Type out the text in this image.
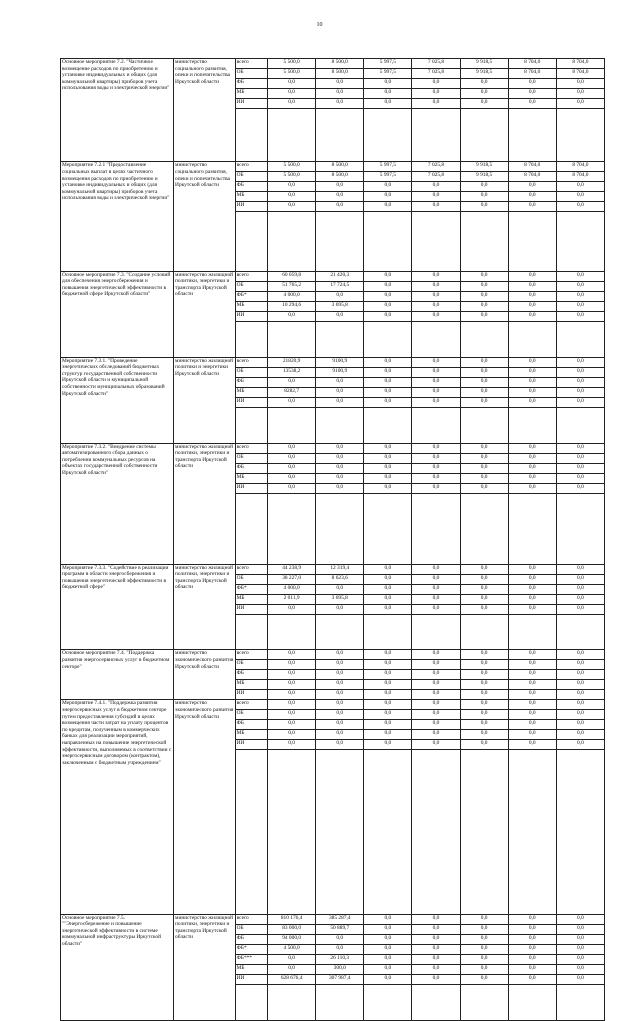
10
Основное мероприятие 7.2. "Частичное возмещение расходов по приобретению и установке индивидуальных и общих (для коммунальной квартиры) приборов учета использования воды и электрической энергии"	министерство социального развития, опеки и попечительства Иркутской области	всего	5 500,0	8 500,0	5 997,5	7 025,8	9 918,5	8 704,0	8 704,0
		ОБ	5 500,0	8 500,0	5 997,5	7 025,8	9 918,5	8 704,0	8 704,0
		ФБ	0,0	0,0	0,0	0,0	0,0	0,0	0,0
		МБ	0,0	0,0	0,0	0,0	0,0	0,0	0,0
		ИИ	0,0	0,0	0,0	0,0	0,0	0,0	0,0

Мероприятие 7.2.1 "Предоставление социальных выплат в целях частичного возмещения расходов по приобретению и установке индивидуальных и общих (для коммунальной квартиры) приборов учета использования воды и электрической энергии"	министерство социального развития, опеки и попечительства Иркутской области	всего	5 500,0	8 500,0	5 997,5	7 025,8	9 918,5	8 704,0	8 704,0
		ОБ	5 500,0	8 500,0	5 997,5	7 025,8	9 918,5	8 704,0	8 704,0
		ФБ	0,0	0,0	0,0	0,0	0,0	0,0	0,0
		МБ	0,0	0,0	0,0	0,0	0,0	0,0	0,0
		ИИ	0,0	0,0	0,0	0,0	0,0	0,0	0,0

Основное мероприятие 7.3. "Создание условий для обеспечения энергосбережения и повышения энергетической эффективности в бюджетной сфере Иркутской области"	министерство жилищной политики, энергетики и транспорта Иркутской области	всего	60 059,8	21 420,3	0,0	0,0	0,0	0,0	0,0
		ОБ	51 765,2	17 724,5	0,0	0,0	0,0	0,0	0,0
		ФБ*	4 000,0	0,0	0,0	0,0	0,0	0,0	0,0
		МБ	10 294,6	3 695,8	0,0	0,0	0,0	0,0	0,0
		ИИ	0,0	0,0	0,0	0,0	0,0	0,0	0,0

Мероприятие 7.3.1. "Проведение энергетических обследований бюджетных структур государственной собственности Иркутской области и муниципальной собственности муниципальных образований Иркутской области"	министерство жилищной политики и энергетики Иркутской области	всего	21820,9	9100,9	0,0	0,0	0,0	0,0	0,0
		ОБ	13538,2	9100,9	0,0	0,0	0,0	0,0	0,0
		ФБ	0,0	0,0	0,0	0,0	0,0	0,0	0,0
		МБ	8282,7	0,0	0,0	0,0	0,0	0,0	0,0
		ИИ	0,0	0,0	0,0	0,0	0,0	0,0	0,0

Мероприятие 7.3.2. "Внедрение системы автоматизированного сбора данных о потреблении коммунальных ресурсов на объектах государственной собственности Иркутской области"	министерство жилищной политики, энергетики и транспорта Иркутской области	всего	0,0	0,0	0,0	0,0	0,0	0,0	0,0
		ОБ	0,0	0,0	0,0	0,0	0,0	0,0	0,0
		ФБ	0,0	0,0	0,0	0,0	0,0	0,0	0,0
		МБ	0,0	0,0	0,0	0,0	0,0	0,0	0,0
		ИИ	0,0	0,0	0,0	0,0	0,0	0,0	0,0

Мероприятие 7.3.3. "Содействие в реализации программ в области энергосбережения и повышения энергетической эффективности в бюджетной сфере"	министерство жилищной политики, энергетики и транспорта Иркутской области	всего	44 238,9	12 319,4	0,0	0,0	0,0	0,0	0,0
		ОБ	38 227,0	8 623,6	0,0	0,0	0,0	0,0	0,0
		ФБ*	4 000,0	0,0	0,0	0,0	0,0	0,0	0,0
		МБ	2 011,9	3 695,8	0,0	0,0	0,0	0,0	0,0
		ИИ	0,0	0,0	0,0	0,0	0,0	0,0	0,0

Основное мероприятие 7.4. "Поддержка развития энергосервисных услуг в бюджетном секторе"	министерство экономического развития Иркутской области	всего	0,0	0,0	0,0	0,0	0,0	0,0	0,0
		ОБ	0,0	0,0	0,0	0,0	0,0	0,0	0,0
		ФБ	0,0	0,0	0,0	0,0	0,0	0,0	0,0
		МБ	0,0	0,0	0,0	0,0	0,0	0,0	0,0
		ИИ	0,0	0,0	0,0	0,0	0,0	0,0	0,0
Мероприятие 7.4.1. "Поддержка развития энергосервисных услуг в бюджетном секторе путем предоставления субсидий в целях возмещения части затрат на уплату процентов по кредитам, полученным в коммерческих банках для реализации мероприятий, направленных на повышение энергетической эффективности, выполняемых в соответствии с энергосервисным договором (контрактом), заключенным с бюджетным учреждением"	министерство экономического развития Иркутской области	всего	0,0	0,0	0,0	0,0	0,0	0,0	0,0
		ОБ	0,0	0,0	0,0	0,0	0,0	0,0	0,0
		ФБ	0,0	0,0	0,0	0,0	0,0	0,0	0,0
		МБ	0,0	0,0	0,0	0,0	0,0	0,0	0,0
		ИИ	0,0	0,0	0,0	0,0	0,0	0,0	0,0

Основное мероприятие 7.5. ""Энергосбережение и повышение энергетической эффективности в системе коммунальной инфраструктуры Иркутской области"	министерство жилищной политики, энергетики и транспорта Иркутской области	всего	810 176,4	385 287,4	0,0	0,0	0,0	0,0	0,0
		ОБ	83 000,0	50 889,7	0,0	0,0	0,0	0,0	0,0
		ФБ	94 000,0	0,0	0,0	0,0	0,0	0,0	0,0
		ФБ*	4 500,0	0,0	0,0	0,0	0,0	0,0	0,0
		ФБ***	0,0	26 110,3	0,0	0,0	0,0	0,0	0,0
		МБ	0,0	300,0	0,0	0,0	0,0	0,0	0,0
		ИИ	628 676,4	307 987,4	0,0	0,0	0,0	0,0	0,0
